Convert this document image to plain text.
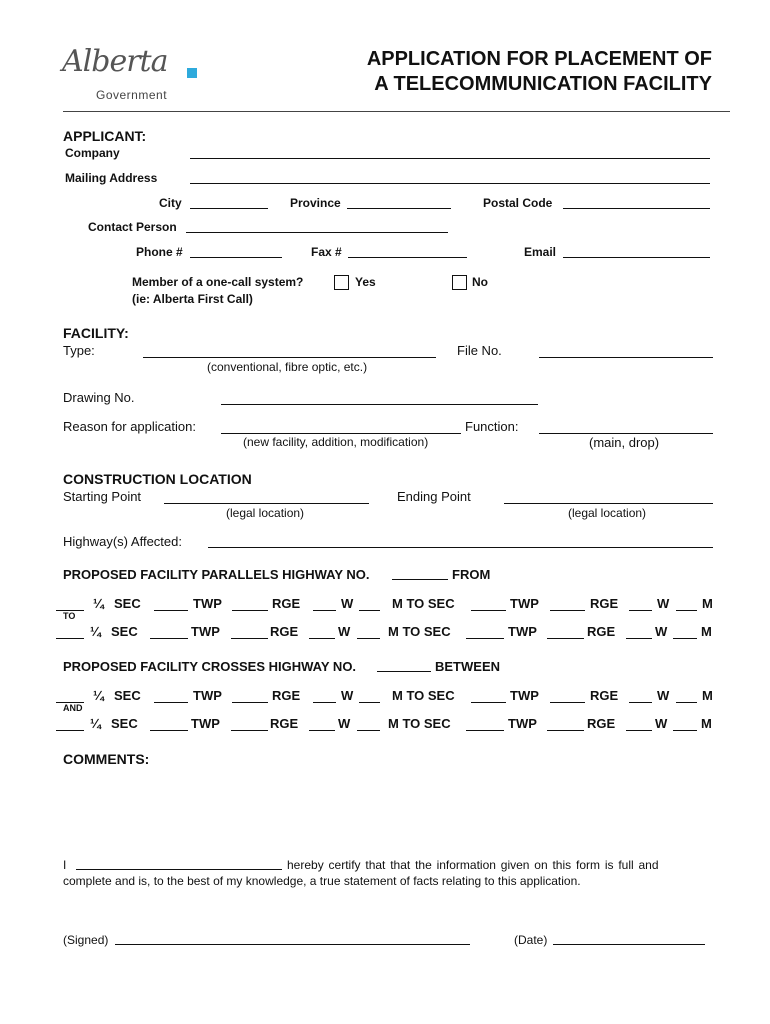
Alberta
Government
APPLICATION FOR PLACEMENT OF
A TELECOMMUNICATION FACILITY
APPLICANT:
Company
Mailing Address
City	Province	Postal Code
Contact Person
Phone #	Fax #	Email
Member of a one-call system?
(ie: Alberta First Call)
Yes	No
FACILITY:
Type:
(conventional, fibre optic, etc.)
File No.
Drawing No.
Reason for application:
(new facility, addition, modification)
Function:
(main, drop)
CONSTRUCTION LOCATION
Starting Point
(legal location)
Ending Point
(legal location)
Highway(s) Affected:
PROPOSED FACILITY PARALLELS HIGHWAY NO.	FROM
¼ SEC	TWP	RGE	W	M TO SEC	TWP	RGE	W	M
TO
¼ SEC	TWP	RGE	W	M TO SEC	TWP	RGE	W	M
PROPOSED FACILITY CROSSES HIGHWAY NO.	BETWEEN
¼ SEC	TWP	RGE	W	M TO SEC	TWP	RGE	W	M
AND
¼ SEC	TWP	RGE	W	M TO SEC	TWP	RGE	W	M
COMMENTS:
I	hereby certify that that the information given on this form is full and
complete and is, to the best of my knowledge, a true statement of facts relating to this application.
(Signed)	(Date)
